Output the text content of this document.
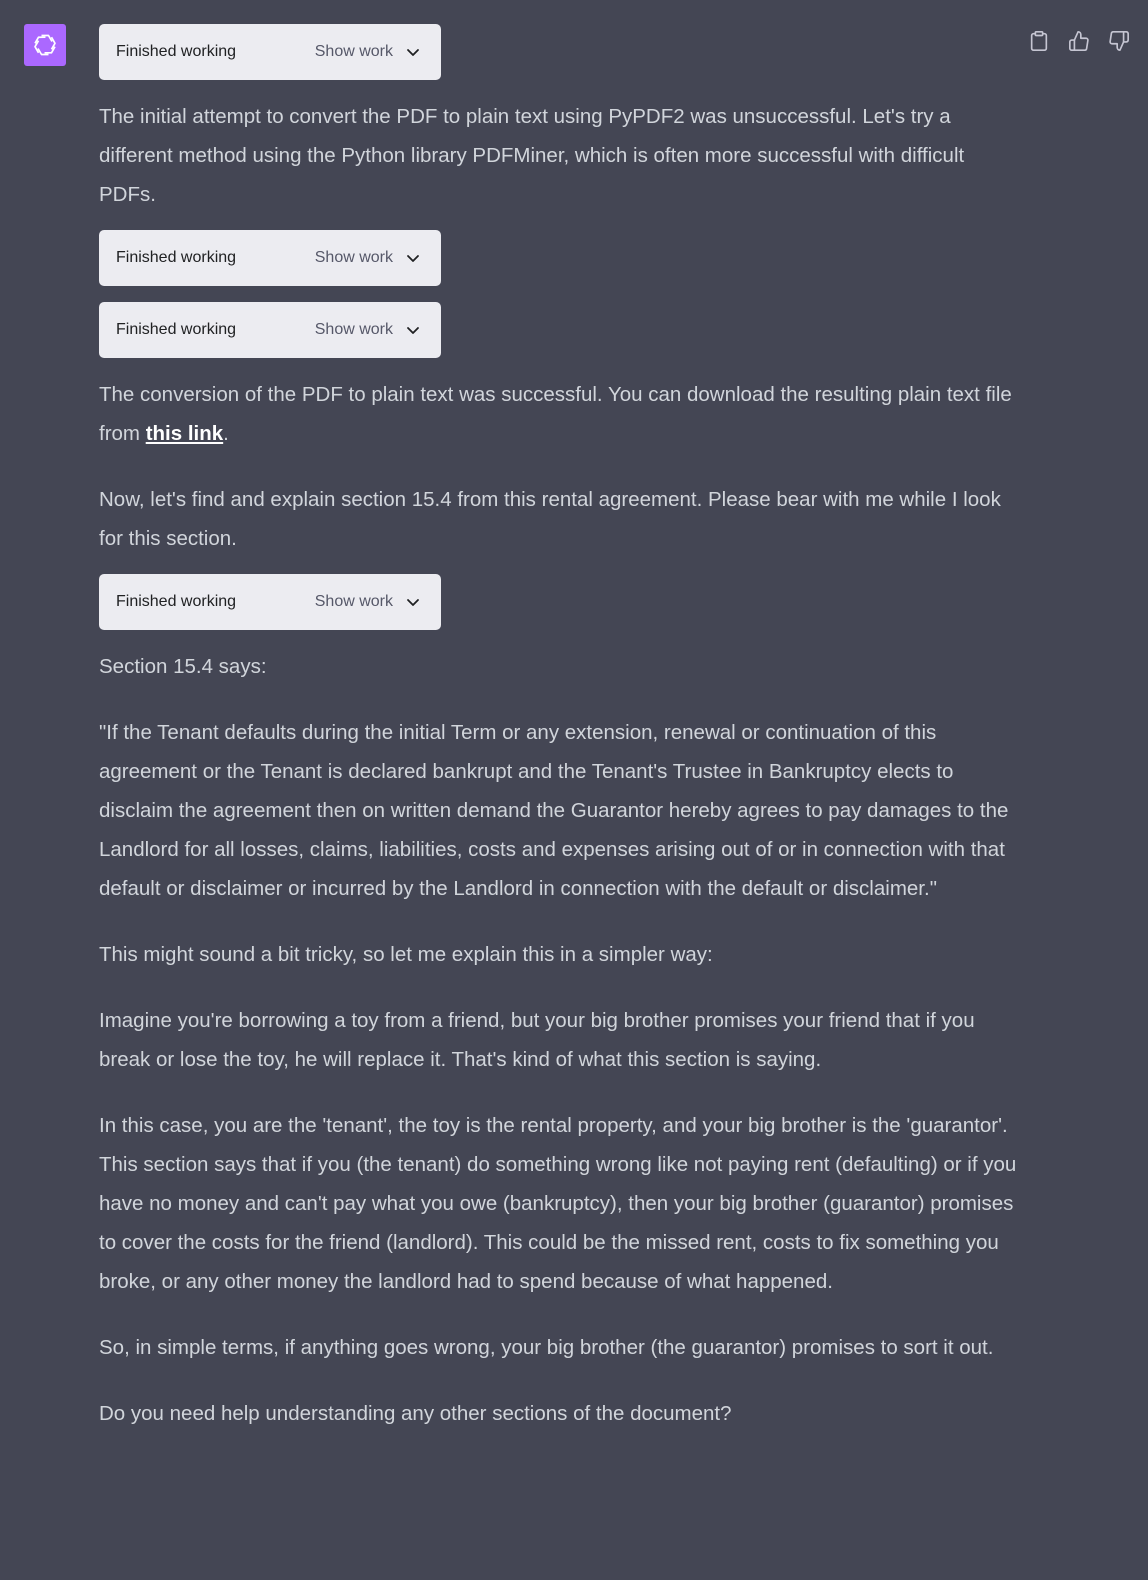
Finished working	Show work

The initial attempt to convert the PDF to plain text using PyPDF2 was unsuccessful. Let's try a different method using the Python library PDFMiner, which is often more successful with difficult PDFs.

Finished working	Show work
Finished working	Show work

The conversion of the PDF to plain text was successful. You can download the resulting plain text file from this link.

Now, let's find and explain section 15.4 from this rental agreement. Please bear with me while I look for this section.

Finished working	Show work

Section 15.4 says:

"If the Tenant defaults during the initial Term or any extension, renewal or continuation of this agreement or the Tenant is declared bankrupt and the Tenant's Trustee in Bankruptcy elects to disclaim the agreement then on written demand the Guarantor hereby agrees to pay damages to the Landlord for all losses, claims, liabilities, costs and expenses arising out of or in connection with that default or disclaimer or incurred by the Landlord in connection with the default or disclaimer."

This might sound a bit tricky, so let me explain this in a simpler way:

Imagine you're borrowing a toy from a friend, but your big brother promises your friend that if you break or lose the toy, he will replace it. That's kind of what this section is saying.

In this case, you are the 'tenant', the toy is the rental property, and your big brother is the 'guarantor'. This section says that if you (the tenant) do something wrong like not paying rent (defaulting) or if you have no money and can't pay what you owe (bankruptcy), then your big brother (guarantor) promises to cover the costs for the friend (landlord). This could be the missed rent, costs to fix something you broke, or any other money the landlord had to spend because of what happened.

So, in simple terms, if anything goes wrong, your big brother (the guarantor) promises to sort it out.

Do you need help understanding any other sections of the document?
